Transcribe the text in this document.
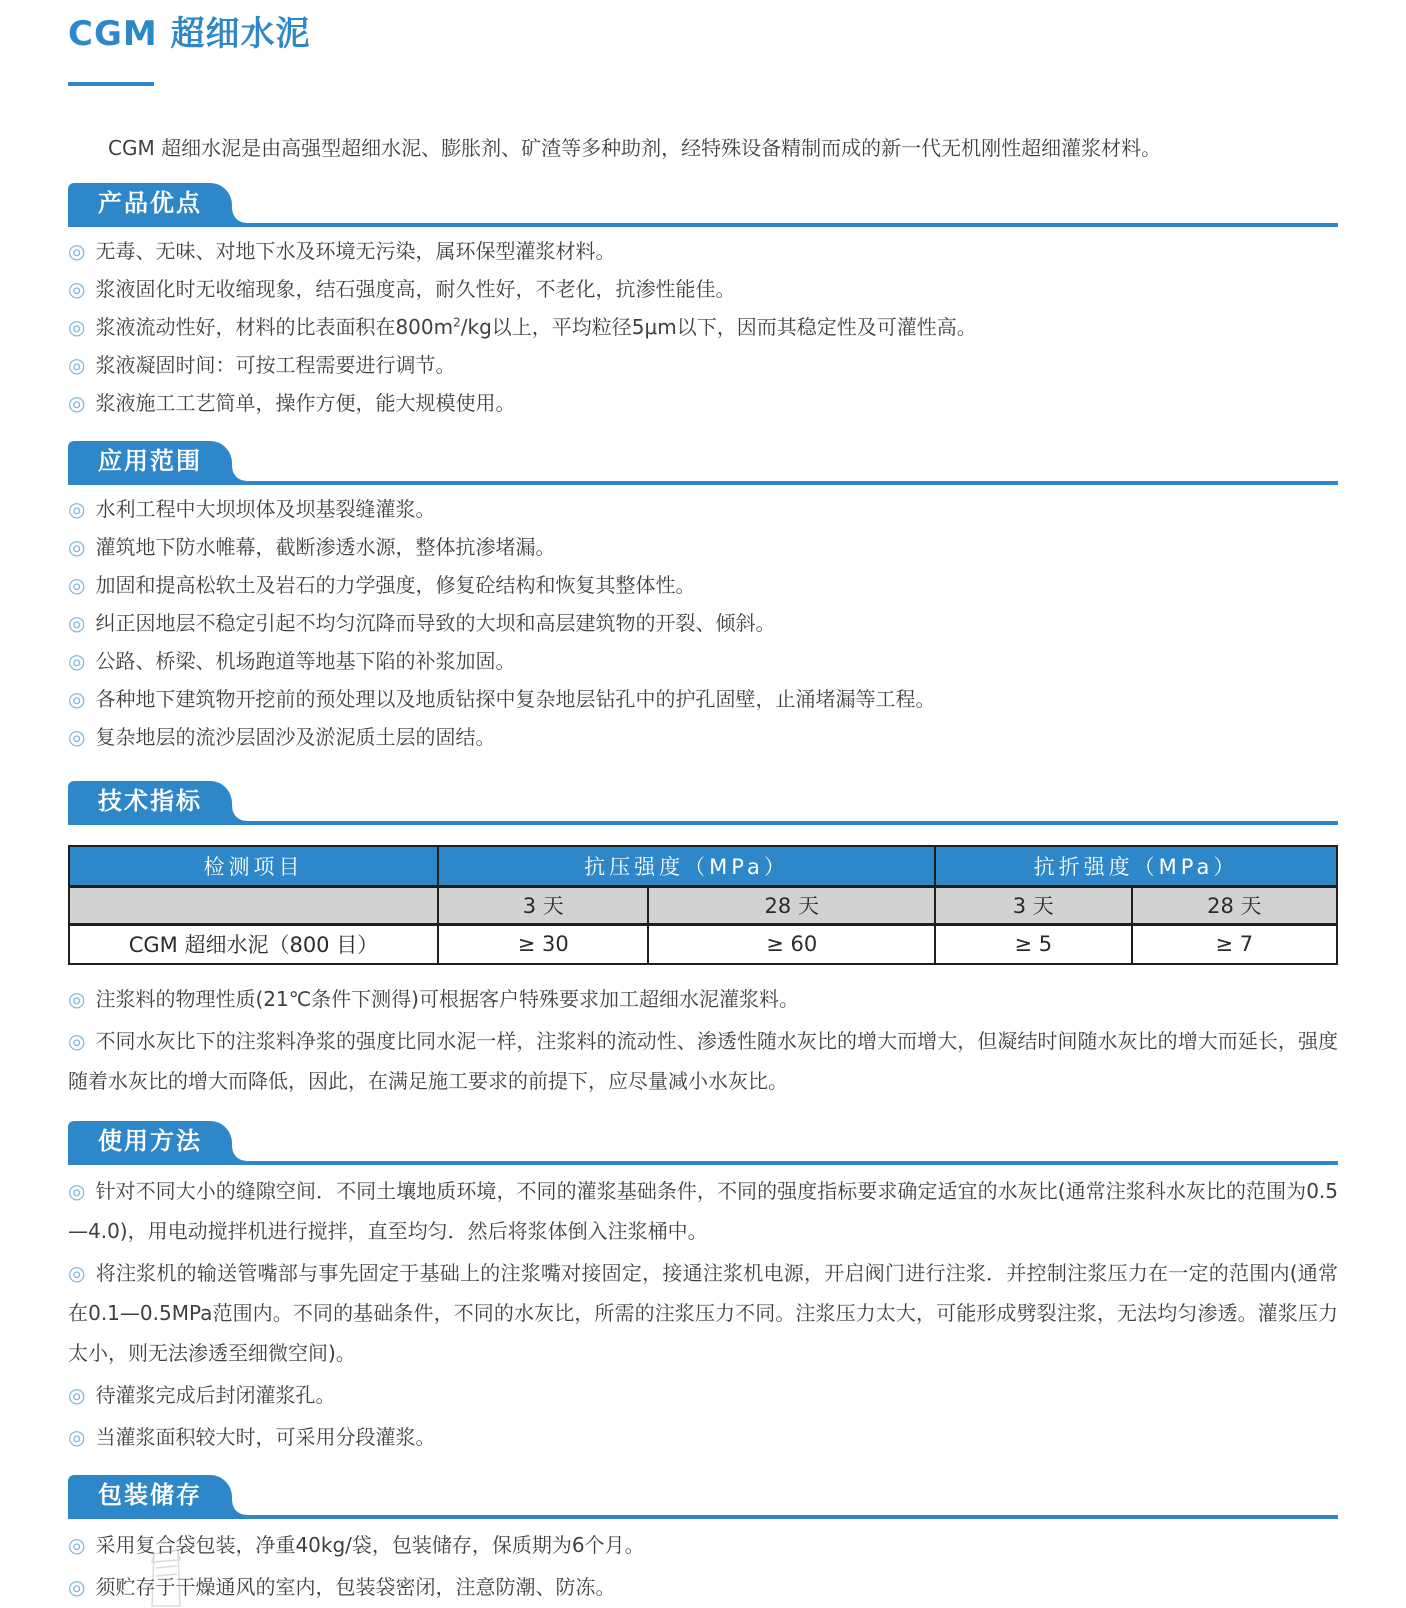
CGM 超细水泥

CGM 超细水泥是由高强型超细水泥、膨胀剂、矿渣等多种助剂，经特殊设备精制而成的新一代无机刚性超细灌浆材料。

产品优点

◎ 无毒、无味、对地下水及环境无污染，属环保型灌浆材料。

◎ 浆液固化时无收缩现象，结石强度高，耐久性好，不老化，抗渗性能佳。

◎ 浆液流动性好，材料的比表面积在$800m^2/kg$以上，平均粒径5μm以下，因而其稳定性及可灌性高。

◎ 浆液凝固时间：可按工程需要进行调节。

◎ 浆液施工工艺简单，操作方便，能大规模使用。

应用范围

◎ 水利工程中大坝坝体及坝基裂缝灌浆。

◎ 灌筑地下防水帷幕，截断渗透水源，整体抗渗堵漏。

◎ 加固和提高松软土及岩石的力学强度，修复砼结构和恢复其整体性。

◎ 纠正因地层不稳定引起不均匀沉降而导致的大坝和高层建筑物的开裂、倾斜。

◎ 公路、桥梁、机场跑道等地基下陷的补浆加固。

◎ 各种地下建筑物开挖前的预处理以及地质钻探中复杂地层钻孔中的护孔固壁，止涌堵漏等工程。

◎ 复杂地层的流沙层固沙及淤泥质土层的固结。

技术指标
检测项目	抗压强度（MPa）		抗折强度（MPa）	
	3 天	28 天	3 天	28 天
CGM 超细水泥（800 目）	≥ 30	≥ 60	≥ 5	≥ 7

◎ 注浆料的物理性质(21℃条件下测得)可根据客户特殊要求加工超细水泥灌浆料。

◎ 不同水灰比下的注浆料净浆的强度比同水泥一样，注浆料的流动性、渗透性随水灰比的增大而增大，但凝结时间随水灰比的增大而延长，强度随着水灰比的增大而降低，因此，在满足施工要求的前提下，应尽量减小水灰比。

使用方法

◎ 针对不同大小的缝隙空间．不同土壤地质环境，不同的灌浆基础条件，不同的强度指标要求确定适宜的水灰比(通常注浆科水灰比的范围为0.5—4.0)，用电动搅拌机进行搅拌，直至均匀．然后将浆体倒入注浆桶中。

◎ 将注浆机的输送管嘴部与事先固定于基础上的注浆嘴对接固定，接通注浆机电源，开启阀门进行注浆．并控制注浆压力在一定的范围内(通常在0.1—0.5MPa范围内。不同的基础条件，不同的水灰比，所需的注浆压力不同。注浆压力太大，可能形成劈裂注浆，无法均匀渗透。灌浆压力太小，则无法渗透至细微空间)。

◎ 待灌浆完成后封闭灌浆孔。

◎ 当灌浆面积较大时，可采用分段灌浆。

包装储存

◎ 采用复合袋包装，净重40kg/袋，包装储存，保质期为6个月。

◎ 须贮存于干燥通风的室内，包装袋密闭，注意防潮、防冻。
